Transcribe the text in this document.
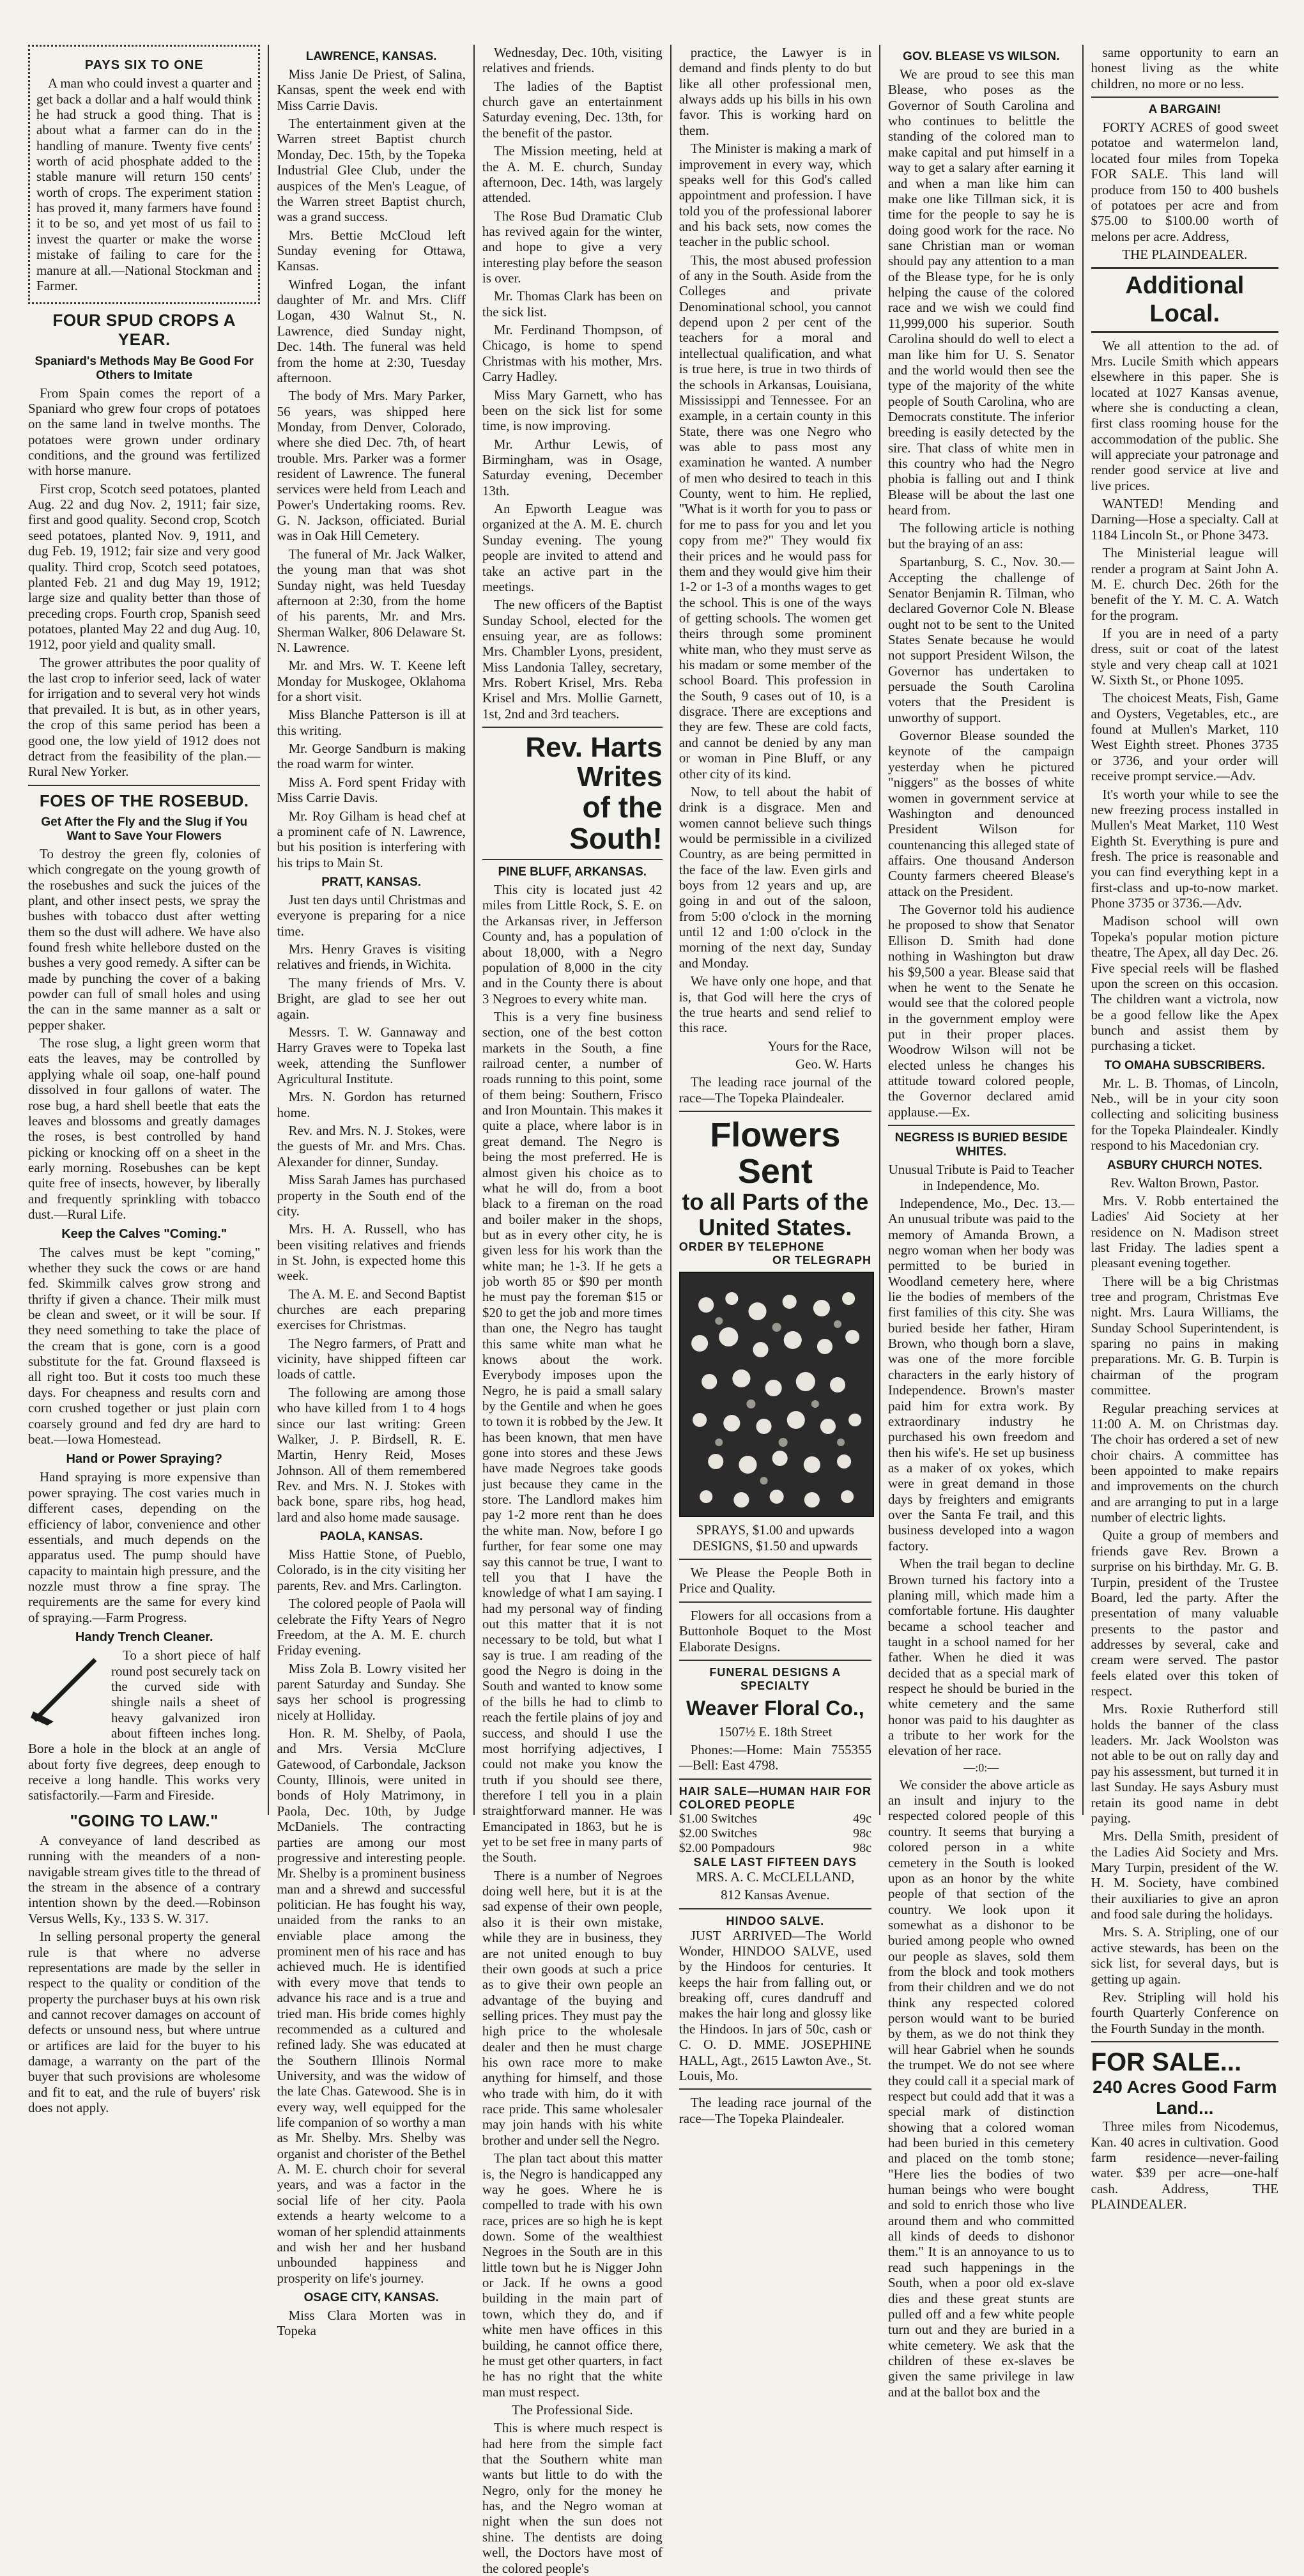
PAYS SIX TO ONE

A man who could invest a quarter and get back a dollar and a half would think he had struck a good thing. That is about what a farmer can do in the handling of manure. Twenty five cents' worth of acid phosphate added to the stable manure will return 150 cents' worth of crops. The experiment station has proved it, many farmers have found it to be so, and yet most of us fail to invest the quarter or make the worse mistake of failing to care for the manure at all.—National Stockman and Farmer.

FOUR SPUD CROPS A YEAR.
Spaniard's Methods May Be Good For Others to Imitate

From Spain comes the report of a Spaniard who grew four crops of potatoes on the same land in twelve months. The potatoes were grown under ordinary conditions, and the ground was fertilized with horse manure.

First crop, Scotch seed potatoes, planted Aug. 22 and dug Nov. 2, 1911; fair size, first and good quality. Second crop, Scotch seed potatoes, planted Nov. 9, 1911, and dug Feb. 19, 1912; fair size and very good quality. Third crop, Scotch seed potatoes, planted Feb. 21 and dug May 19, 1912; large size and quality better than those of preceding crops. Fourth crop, Spanish seed potatoes, planted May 22 and dug Aug. 10, 1912, poor yield and quality small.

The grower attributes the poor quality of the last crop to inferior seed, lack of water for irrigation and to several very hot winds that prevailed. It is but, as in other years, the crop of this same period has been a good one, the low yield of 1912 does not detract from the feasibility of the plan.—Rural New Yorker.

FOES OF THE ROSEBUD.
Get After the Fly and the Slug if You Want to Save Your Flowers

To destroy the green fly, colonies of which congregate on the young growth of the rosebushes and suck the juices of the plant, and other insect pests, we spray the bushes with tobacco dust after wetting them so the dust will adhere. We have also found fresh white hellebore dusted on the bushes a very good remedy. A sifter can be made by punching the cover of a baking powder can full of small holes and using the can in the same manner as a salt or pepper shaker.

The rose slug, a light green worm that eats the leaves, may be controlled by applying whale oil soap, one-half pound dissolved in four gallons of water. The rose bug, a hard shell beetle that eats the leaves and blossoms and greatly damages the roses, is best controlled by hand picking or knocking off on a sheet in the early morning. Rosebushes can be kept quite free of insects, however, by liberally and frequently sprinkling with tobacco dust.—Rural Life.

Keep the Calves "Coming."

The calves must be kept "coming," whether they suck the cows or are hand fed. Skimmilk calves grow strong and thrifty if given a chance. Their milk must be clean and sweet, or it will be sour. If they need something to take the place of the cream that is gone, corn is a good substitute for the fat. Ground flaxseed is all right too. But it costs too much these days. For cheapness and results corn and corn crushed together or just plain corn coarsely ground and fed dry are hard to beat.—Iowa Homestead.

Hand or Power Spraying?

Hand spraying is more expensive than power spraying. The cost varies much in different cases, depending on the efficiency of labor, convenience and other essentials, and much depends on the apparatus used. The pump should have capacity to maintain high pressure, and the nozzle must throw a fine spray. The requirements are the same for every kind of spraying.—Farm Progress.

Handy Trench Cleaner.

To a short piece of half round post securely tack on the curved side with shingle nails a sheet of heavy galvanized iron about fifteen inches long. Bore a hole in the block at an angle of about forty five degrees, deep enough to receive a long handle. This works very satisfactorily.—Farm and Fireside.

"GOING TO LAW."

A conveyance of land described as running with the meanders of a non-navigable stream gives title to the thread of the stream in the absence of a contrary intention shown by the deed.—Robinson Versus Wells, Ky., 133 S. W. 317.

In selling personal property the general rule is that where no adverse representations are made by the seller in respect to the quality or condition of the property the purchaser buys at his own risk and cannot recover damages on account of defects or unsound ness, but where untrue or artifices are laid for the buyer to his damage, a warranty on the part of the buyer that such provisions are wholesome and fit to eat, and the rule of buyers' risk does not apply.

LAWRENCE, KANSAS.

Miss Janie De Priest, of Salina, Kansas, spent the week end with Miss Carrie Davis.

The entertainment given at the Warren street Baptist church Monday, Dec. 15th, by the Topeka Industrial Glee Club, under the auspices of the Men's League, of the Warren street Baptist church, was a grand success.

Mrs. Bettie McCloud left Sunday evening for Ottawa, Kansas.

Winfred Logan, the infant daughter of Mr. and Mrs. Cliff Logan, 430 Walnut St., N. Lawrence, died Sunday night, Dec. 14th. The funeral was held from the home at 2:30, Tuesday afternoon.

The body of Mrs. Mary Parker, 56 years, was shipped here Monday, from Denver, Colorado, where she died Dec. 7th, of heart trouble. Mrs. Parker was a former resident of Lawrence. The funeral services were held from Leach and Power's Undertaking rooms. Rev. G. N. Jackson, officiated. Burial was in Oak Hill Cemetery.

The funeral of Mr. Jack Walker, the young man that was shot Sunday night, was held Tuesday afternoon at 2:30, from the home of his parents, Mr. and Mrs. Sherman Walker, 806 Delaware St. N. Lawrence.

Mr. and Mrs. W. T. Keene left Monday for Muskogee, Oklahoma for a short visit.

Miss Blanche Patterson is ill at this writing.

Mr. George Sandburn is making the road warm for winter.

Miss A. Ford spent Friday with Miss Carrie Davis.

Mr. Roy Gilham is head chef at a prominent cafe of N. Lawrence, but his position is interfering with his trips to Main St.

PRATT, KANSAS.

Just ten days until Christmas and everyone is preparing for a nice time.

Mrs. Henry Graves is visiting relatives and friends, in Wichita.

The many friends of Mrs. V. Bright, are glad to see her out again.

Messrs. T. W. Gannaway and Harry Graves were to Topeka last week, attending the Sunflower Agricultural Institute.

Mrs. N. Gordon has returned home.

Rev. and Mrs. N. J. Stokes, were the guests of Mr. and Mrs. Chas. Alexander for dinner, Sunday.

Miss Sarah James has purchased property in the South end of the city.

Mrs. H. A. Russell, who has been visiting relatives and friends in St. John, is expected home this week.

The A. M. E. and Second Baptist churches are each preparing exercises for Christmas.

The Negro farmers, of Pratt and vicinity, have shipped fifteen car loads of cattle.

The following are among those who have killed from 1 to 4 hogs since our last writing: Green Walker, J. P. Birdsell, R. E. Martin, Henry Reid, Moses Johnson. All of them remembered Rev. and Mrs. N. J. Stokes with back bone, spare ribs, hog head, lard and also home made sausage.

PAOLA, KANSAS.

Miss Hattie Stone, of Pueblo, Colorado, is in the city visiting her parents, Rev. and Mrs. Carlington.

The colored people of Paola will celebrate the Fifty Years of Negro Freedom, at the A. M. E. church Friday evening.

Miss Zola B. Lowry visited her parent Saturday and Sunday. She says her school is progressing nicely at Holliday.

Hon. R. M. Shelby, of Paola, and Mrs. Versia McClure Gatewood, of Carbondale, Jackson County, Illinois, were united in bonds of Holy Matrimony, in Paola, Dec. 10th, by Judge McDaniels. The contracting parties are among our most progressive and interesting people. Mr. Shelby is a prominent business man and a shrewd and successful politician. He has fought his way, unaided from the ranks to an enviable place among the prominent men of his race and has achieved much. He is identified with every move that tends to advance his race and is a true and tried man. His bride comes highly recommended as a cultured and refined lady. She was educated at the Southern Illinois Normal University, and was the widow of the late Chas. Gatewood. She is in every way, well equipped for the life companion of so worthy a man as Mr. Shelby. Mrs. Shelby was organist and chorister of the Bethel A. M. E. church choir for several years, and was a factor in the social life of her city. Paola extends a hearty welcome to a woman of her splendid attainments and wish her and her husband unbounded happiness and prosperity on life's journey.

OSAGE CITY, KANSAS.

Miss Clara Morten was in Topeka

Wednesday, Dec. 10th, visiting relatives and friends.

The ladies of the Baptist church gave an entertainment Saturday evening, Dec. 13th, for the benefit of the pastor.

The Mission meeting, held at the A. M. E. church, Sunday afternoon, Dec. 14th, was largely attended.

The Rose Bud Dramatic Club has revived again for the winter, and hope to give a very interesting play before the season is over.

Mr. Thomas Clark has been on the sick list.

Mr. Ferdinand Thompson, of Chicago, is home to spend Christmas with his mother, Mrs. Carry Hadley.

Miss Mary Garnett, who has been on the sick list for some time, is now improving.

Mr. Arthur Lewis, of Birmingham, was in Osage, Saturday evening, December 13th.

An Epworth League was organized at the A. M. E. church Sunday evening. The young people are invited to attend and take an active part in the meetings.

The new officers of the Baptist Sunday School, elected for the ensuing year, are as follows: Mrs. Chambler Lyons, president, Miss Landonia Talley, secretary, Mrs. Robert Krisel, Mrs. Reba Krisel and Mrs. Mollie Garnett, 1st, 2nd and 3rd teachers.

Rev. Harts Writes
of the South!
PINE BLUFF, ARKANSAS.

This city is located just 42 miles from Little Rock, S. E. on the Arkansas river, in Jefferson County and, has a population of about 18,000, with a Negro population of 8,000 in the city and in the County there is about 3 Negroes to every white man.

This is a very fine business section, one of the best cotton markets in the South, a fine railroad center, a number of roads running to this point, some of them being: Southern, Frisco and Iron Mountain. This makes it quite a place, where labor is in great demand. The Negro is being the most preferred. He is almost given his choice as to what he will do, from a boot black to a fireman on the road and boiler maker in the shops, but as in every other city, he is given less for his work than the white man; he 1-3. If he gets a job worth 85 or $90 per month he must pay the foreman $15 or $20 to get the job and more times than one, the Negro has taught this same white man what he knows about the work. Everybody imposes upon the Negro, he is paid a small salary by the Gentile and when he goes to town it is robbed by the Jew. It has been known, that men have gone into stores and these Jews have made Negroes take goods just because they came in the store. The Landlord makes him pay 1-2 more rent than he does the white man. Now, before I go further, for fear some one may say this cannot be true, I want to tell you that I have the knowledge of what I am saying. I had my personal way of finding out this matter that it is not necessary to be told, but what I say is true. I am reading of the good the Negro is doing in the South and wanted to know some of the bills he had to climb to reach the fertile plains of joy and success, and should I use the most horrifying adjectives, I could not make you know the truth if you should see there, therefore I tell you in a plain straightforward manner. He was Emancipated in 1863, but he is yet to be set free in many parts of the South.

There is a number of Negroes doing well here, but it is at the sad expense of their own people, also it is their own mistake, while they are in business, they are not united enough to buy their own goods at such a price as to give their own people an advantage of the buying and selling prices. They must pay the high price to the wholesale dealer and then he must charge his own race more to make anything for himself, and those who trade with him, do it with race pride. This same wholesaler may join hands with his white brother and under sell the Negro.

The plan tact about this matter is, the Negro is handicapped any way he goes. Where he is compelled to trade with his own race, prices are so high he is kept down. Some of the wealthiest Negroes in the South are in this little town but he is Nigger John or Jack. If he owns a good building in the main part of town, which they do, and if white men have offices in this building, he cannot office there, he must get other quarters, in fact he has no right that the white man must respect.

The Professional Side.

This is where much respect is had here from the simple fact that the Southern white man wants but little to do with the Negro, only for the money he has, and the Negro woman at night when the sun does not shine. The dentists are doing well, the Doctors have most of the colored people's

practice, the Lawyer is in demand and finds plenty to do but like all other professional men, always adds up his bills in his own favor. This is working hard on them.

The Minister is making a mark of improvement in every way, which speaks well for this God's called appointment and profession. I have told you of the professional laborer and his back sets, now comes the teacher in the public school.

This, the most abused profession of any in the South. Aside from the Colleges and private Denominational school, you cannot depend upon 2 per cent of the teachers for a moral and intellectual qualification, and what is true here, is true in two thirds of the schools in Arkansas, Louisiana, Mississippi and Tennessee. For an example, in a certain county in this State, there was one Negro who was able to pass most any examination he wanted. A number of men who desired to teach in this County, went to him. He replied, "What is it worth for you to pass or for me to pass for you and let you copy from me?" They would fix their prices and he would pass for them and they would give him their 1-2 or 1-3 of a months wages to get the school. This is one of the ways of getting schools. The women get theirs through some prominent white man, who they must serve as his madam or some member of the school Board. This profession in the South, 9 cases out of 10, is a disgrace. There are exceptions and they are few. These are cold facts, and cannot be denied by any man or woman in Pine Bluff, or any other city of its kind.

Now, to tell about the habit of drink is a disgrace. Men and women cannot believe such things would be permissible in a civilized Country, as are being permitted in the face of the law. Even girls and boys from 12 years and up, are going in and out of the saloon, from 5:00 o'clock in the morning until 12 and 1:00 o'clock in the morning of the next day, Sunday and Monday.

We have only one hope, and that is, that God will here the crys of the true hearts and send relief to this race.

Yours for the Race,

Geo. W. Harts

The leading race journal of the race—The Topeka Plaindealer.

Flowers Sent
to all Parts of the United States.
ORDER BY TELEPHONE
OR TELEGRAPH

SPRAYS, $1.00 and upwards DESIGNS, $1.50 and upwards

We Please the People Both in Price and Quality.

Flowers for all occasions from a Buttonhole Boquet to the Most Elaborate Designs.

FUNERAL DESIGNS A SPECIALTY
Weaver Floral Co.,

1507½ E. 18th Street

Phones:—Home: Main 755355—Bell: East 4798.

HAIR SALE—HUMAN HAIR FOR COLORED PEOPLE
$1.00 Switches	49c
$2.00 Switches	98c
$2.00 Pompadours	98c
SALE LAST FIFTEEN DAYS

MRS. A. C. McCLELLAND,

812 Kansas Avenue.

HINDOO SALVE.

JUST ARRIVED—The World Wonder, HINDOO SALVE, used by the Hindoos for centuries. It keeps the hair from falling out, or breaking off, cures dandruff and makes the hair long and glossy like the Hindoos. In jars of 50c, cash or C. O. D. MME. JOSEPHINE HALL, Agt., 2615 Lawton Ave., St. Louis, Mo.

The leading race journal of the race—The Topeka Plaindealer.

GOV. BLEASE VS WILSON.

We are proud to see this man Blease, who poses as the Governor of South Carolina and who continues to belittle the standing of the colored man to make capital and put himself in a way to get a salary after earning it and when a man like him can make one like Tillman sick, it is time for the people to say he is doing good work for the race. No sane Christian man or woman should pay any attention to a man of the Blease type, for he is only helping the cause of the colored race and we wish we could find 11,999,000 his superior. South Carolina should do well to elect a man like him for U. S. Senator and the world would then see the type of the majority of the white people of South Carolina, who are Democrats constitute. The inferior breeding is easily detected by the sire. That class of white men in this country who had the Negro phobia is falling out and I think Blease will be about the last one heard from.

The following article is nothing but the braying of an ass:

Spartanburg, S. C., Nov. 30.—Accepting the challenge of Senator Benjamin R. Tilman, who declared Governor Cole N. Blease ought not to be sent to the United States Senate because he would not support President Wilson, the Governor has undertaken to persuade the South Carolina voters that the President is unworthy of support.

Governor Blease sounded the keynote of the campaign yesterday when he pictured "niggers" as the bosses of white women in government service at Washington and denounced President Wilson for countenancing this alleged state of affairs. One thousand Anderson County farmers cheered Blease's attack on the President.

The Governor told his audience he proposed to show that Senator Ellison D. Smith had done nothing in Washington but draw his $9,500 a year. Blease said that when he went to the Senate he would see that the colored people in the government employ were put in their proper places. Woodrow Wilson will not be elected unless he changes his attitude toward colored people, the Governor declared amid applause.—Ex.

NEGRESS IS BURIED BESIDE WHITES.

Unusual Tribute is Paid to Teacher in Independence, Mo.

Independence, Mo., Dec. 13.—An unusual tribute was paid to the memory of Amanda Brown, a negro woman when her body was permitted to be buried in Woodland cemetery here, where lie the bodies of members of the first families of this city. She was buried beside her father, Hiram Brown, who though born a slave, was one of the more forcible characters in the early history of Independence. Brown's master paid him for extra work. By extraordinary industry he purchased his own freedom and then his wife's. He set up business as a maker of ox yokes, which were in great demand in those days by freighters and emigrants over the Santa Fe trail, and this business developed into a wagon factory.

When the trail began to decline Brown turned his factory into a planing mill, which made him a comfortable fortune. His daughter became a school teacher and taught in a school named for her father. When he died it was decided that as a special mark of respect he should be buried in the white cemetery and the same honor was paid to his daughter as a tribute to her work for the elevation of her race.

—:0:—

We consider the above article as an insult and injury to the respected colored people of this country. It seems that burying a colored person in a white cemetery in the South is looked upon as an honor by the white people of that section of the country. We look upon it somewhat as a dishonor to be buried among people who owned our people as slaves, sold them from the block and took mothers from their children and we do not think any respected colored person would want to be buried by them, as we do not think they will hear Gabriel when he sounds the trumpet. We do not see where they could call it a special mark of respect but could add that it was a special mark of distinction showing that a colored woman had been buried in this cemetery and placed on the tomb stone; "Here lies the bodies of two human beings who were bought and sold to enrich those who live around them and who committed all kinds of deeds to dishonor them." It is an annoyance to us to read such happenings in the South, when a poor old ex-slave dies and these great stunts are pulled off and a few white people turn out and they are buried in a white cemetery. We ask that the children of these ex-slaves be given the same privilege in law and at the ballot box and the

same opportunity to earn an honest living as the white children, no more or no less.

A BARGAIN!

FORTY ACRES of good sweet potatoe and watermelon land, located four miles from Topeka FOR SALE. This land will produce from 150 to 400 bushels of potatoes per acre and from $75.00 to $100.00 worth of melons per acre. Address,

THE PLAINDEALER.

Additional Local.

We all attention to the ad. of Mrs. Lucile Smith which appears elsewhere in this paper. She is located at 1027 Kansas avenue, where she is conducting a clean, first class rooming house for the accommodation of the public. She will appreciate your patronage and render good service at live and live prices.

WANTED! Mending and Darning—Hose a specialty. Call at 1184 Lincoln St., or Phone 3473.

The Ministerial league will render a program at Saint John A. M. E. church Dec. 26th for the benefit of the Y. M. C. A. Watch for the program.

If you are in need of a party dress, suit or coat of the latest style and very cheap call at 1021 W. Sixth St., or Phone 1095.

The choicest Meats, Fish, Game and Oysters, Vegetables, etc., are found at Mullen's Market, 110 West Eighth street. Phones 3735 or 3736, and your order will receive prompt service.—Adv.

It's worth your while to see the new freezing process installed in Mullen's Meat Market, 110 West Eighth St. Everything is pure and fresh. The price is reasonable and you can find everything kept in a first-class and up-to-now market. Phone 3735 or 3736.—Adv.

Madison school will own Topeka's popular motion picture theatre, The Apex, all day Dec. 26. Five special reels will be flashed upon the screen on this occasion. The children want a victrola, now be a good fellow like the Apex bunch and assist them by purchasing a ticket.

TO OMAHA SUBSCRIBERS.

Mr. L. B. Thomas, of Lincoln, Neb., will be in your city soon collecting and soliciting business for the Topeka Plaindealer. Kindly respond to his Macedonian cry.

ASBURY CHURCH NOTES.

Rev. Walton Brown, Pastor.

Mrs. V. Robb entertained the Ladies' Aid Society at her residence on N. Madison street last Friday. The ladies spent a pleasant evening together.

There will be a big Christmas tree and program, Christmas Eve night. Mrs. Laura Williams, the Sunday School Superintendent, is sparing no pains in making preparations. Mr. G. B. Turpin is chairman of the program committee.

Regular preaching services at 11:00 A. M. on Christmas day. The choir has ordered a set of new choir chairs. A committee has been appointed to make repairs and improvements on the church and are arranging to put in a large number of electric lights.

Quite a group of members and friends gave Rev. Brown a surprise on his birthday. Mr. G. B. Turpin, president of the Trustee Board, led the party. After the presentation of many valuable presents to the pastor and addresses by several, cake and cream were served. The pastor feels elated over this token of respect.

Mrs. Roxie Rutherford still holds the banner of the class leaders. Mr. Jack Woolston was not able to be out on rally day and pay his assessment, but turned it in last Sunday. He says Asbury must retain its good name in debt paying.

Mrs. Della Smith, president of the Ladies Aid Society and Mrs. Mary Turpin, president of the W. H. M. Society, have combined their auxiliaries to give an apron and food sale during the holidays.

Mrs. S. A. Stripling, one of our active stewards, has been on the sick list, for several days, but is getting up again.

Rev. Stripling will hold his fourth Quarterly Conference on the Fourth Sunday in the month.

FOR SALE...
240 Acres Good Farm Land...

Three miles from Nicodemus, Kan. 40 acres in cultivation. Good farm residence—never-failing water. $39 per acre—one-half cash. Address, THE PLAINDEALER.
